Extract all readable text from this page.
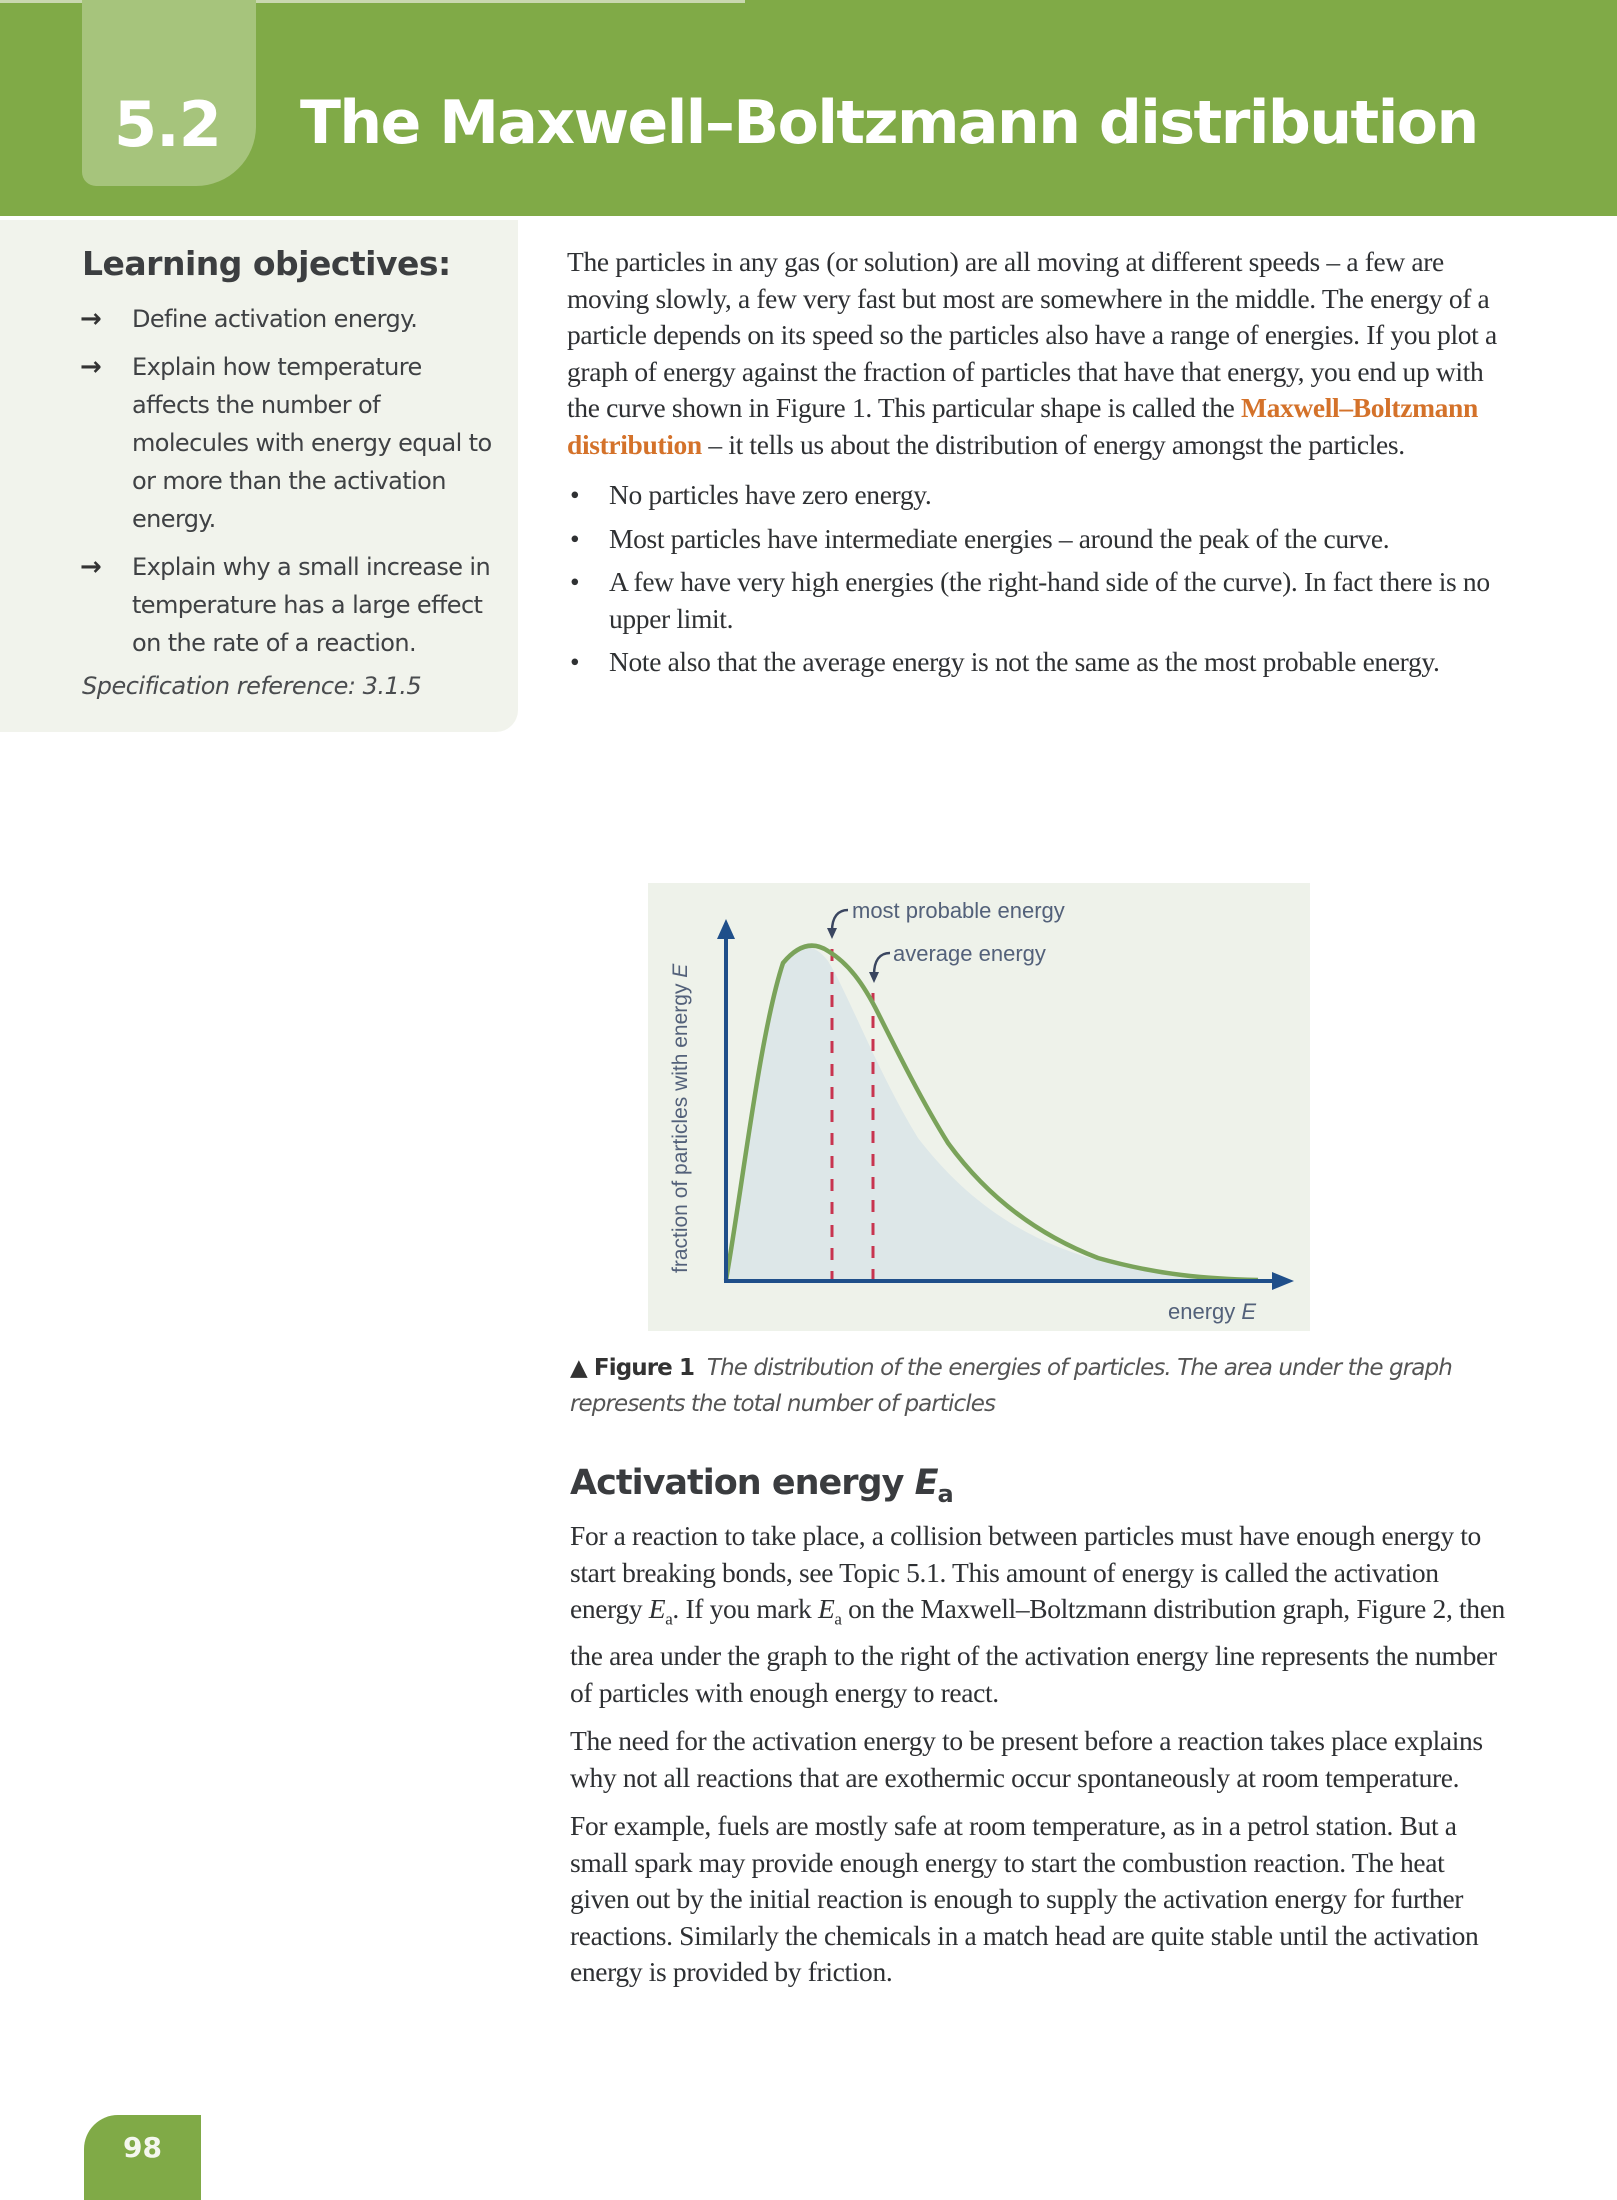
5.2 The Maxwell–Boltzmann distribution
Learning objectives:
→ Define activation energy.
→ Explain how temperature affects the number of molecules with energy equal to or more than the activation energy.
→ Explain why a small increase in temperature has a large effect on the rate of a reaction.
Specification reference: 3.1.5

The particles in any gas (or solution) are all moving at different speeds – a few are moving slowly, a few very fast but most are somewhere in the middle. The energy of a particle depends on its speed so the particles also have a range of energies. If you plot a graph of energy against the fraction of particles that have that energy, you end up with the curve shown in Figure 1. This particular shape is called the Maxwell–Boltzmann distribution – it tells us about the distribution of energy amongst the particles.

• No particles have zero energy.
• Most particles have intermediate energies – around the peak of the curve.
• A few have very high energies (the right-hand side of the curve). In fact there is no upper limit.
• Note also that the average energy is not the same as the most probable energy.
most probable energy
average energy
fraction of particles with energy E
energy E
▲ Figure 1 The distribution of the energies of particles. The area under the graph represents the total number of particles
Activation energy $E_a$

For a reaction to take place, a collision between particles must have enough energy to start breaking bonds, see Topic 5.1. This amount of energy is called the activation energy $E_a$. If you mark $E_a$ on the Maxwell–Boltzmann distribution graph, Figure 2, then the area under the graph to the right of the activation energy line represents the number of particles with enough energy to react.

The need for the activation energy to be present before a reaction takes place explains why not all reactions that are exothermic occur spontaneously at room temperature.

For example, fuels are mostly safe at room temperature, as in a petrol station. But a small spark may provide enough energy to start the combustion reaction. The heat given out by the initial reaction is enough to supply the activation energy for further reactions. Similarly the chemicals in a match head are quite stable until the activation energy is provided by friction.

98
